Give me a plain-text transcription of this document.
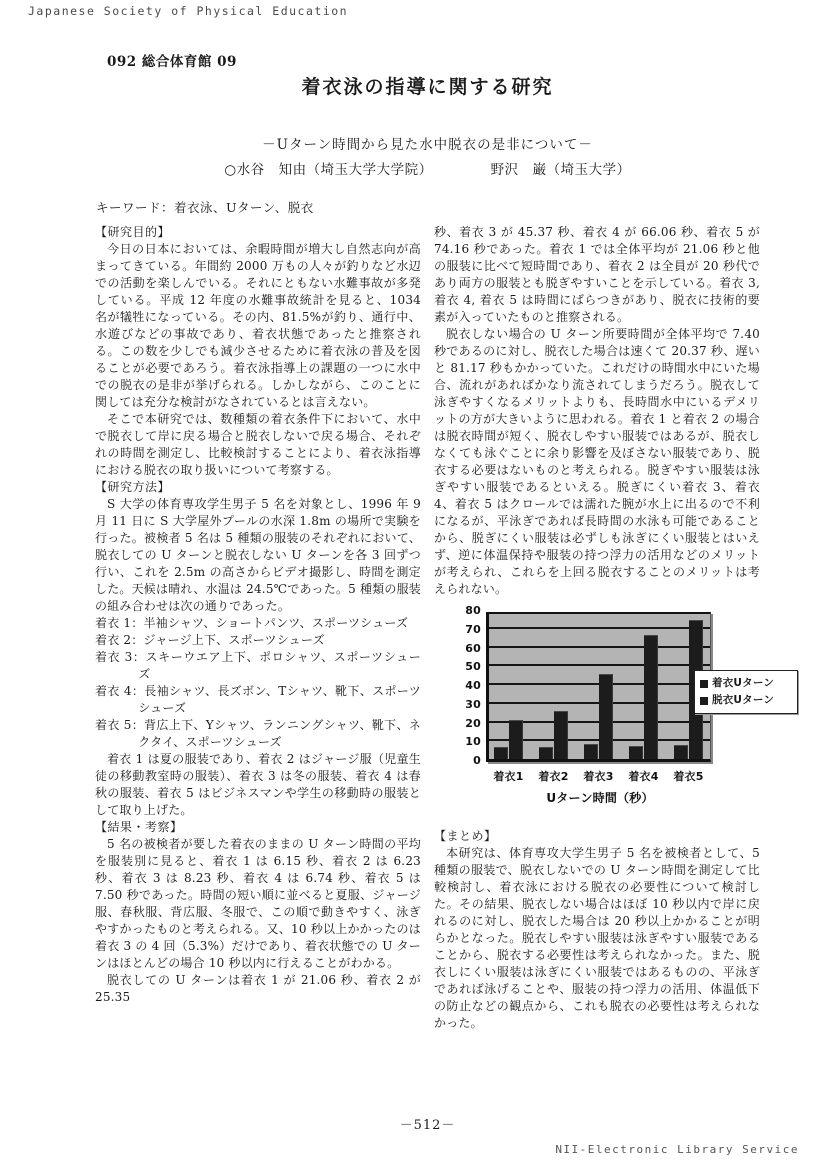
Japanese Society of Physical Education
092 総合体育館 09
着衣泳の指導に関する研究
－Uターン時間から見た水中脱衣の是非について－
○水谷　知由（埼玉大学大学院）	野沢　巌（埼玉大学）
キーワード：着衣泳、Uターン、脱衣
【研究目的】
今日の日本においては、余暇時間が増大し自然志向が高まってきている。年間約 2000 万もの人々が釣りなど水辺での活動を楽しんでいる。それにともない水難事故が多発している。平成 12 年度の水難事故統計を見ると、1034 名が犠牲になっている。その内、81.5%が釣り、通行中、水遊びなどの事故であり、着衣状態であったと推察される。この数を少しでも減少させるために着衣泳の普及を図ることが必要であろう。着衣泳指導上の課題の一つに水中での脱衣の是非が挙げられる。しかしながら、このことに関しては充分な検討がなされているとは言えない。
そこで本研究では、数種類の着衣条件下において、水中で脱衣して岸に戻る場合と脱衣しないで戻る場合、それぞれの時間を測定し、比較検討することにより、着衣泳指導における脱衣の取り扱いについて考察する。
【研究方法】
S 大学の体育専攻学生男子 5 名を対象とし、1996 年 9 月 11 日に S 大学屋外プールの水深 1.8m の場所で実験を行った。被検者 5 名は 5 種類の服装のそれぞれにおいて、脱衣しての U ターンと脱衣しない U ターンを各 3 回ずつ行い、これを 2.5m の高さからビデオ撮影し、時間を測定した。天候は晴れ、水温は 24.5℃であった。5 種類の服装の組み合わせは次の通りであった。
着衣 1：半袖シャツ、ショートパンツ、スポーツシューズ
着衣 2：ジャージ上下、スポーツシューズ
着衣 3：スキーウエア上下、ポロシャツ、スポーツシューズ
着衣 4：長袖シャツ、長ズボン、Tシャツ、靴下、スポーツシューズ
着衣 5：背広上下、Yシャツ、ランニングシャツ、靴下、ネクタイ、スポーツシューズ
着衣 1 は夏の服装であり、着衣 2 はジャージ服（児童生徒の移動教室時の服装）、着衣 3 は冬の服装、着衣 4 は春秋の服装、着衣 5 はビジネスマンや学生の移動時の服装として取り上げた。
【結果・考察】
5 名の被検者が要した着衣のままの U ターン時間の平均を服装別に見ると、着衣 1 は 6.15 秒、着衣 2 は 6.23 秒、着衣 3 は 8.23 秒、着衣 4 は 6.74 秒、着衣 5 は 7.50 秒であった。時間の短い順に並べると夏服、ジャージ服、春秋服、背広服、冬服で、この順で動きやすく、泳ぎやすかったものと考えられる。又、10 秒以上かかったのは着衣 3 の 4 回（5.3%）だけであり、着衣状態での U ターンはほとんどの場合 10 秒以内に行えることがわかる。
脱衣しての U ターンは着衣 1 が 21.06 秒、着衣 2 が 25.35
秒、着衣 3 が 45.37 秒、着衣 4 が 66.06 秒、着衣 5 が 74.16 秒であった。着衣 1 では全体平均が 21.06 秒と他の服装に比べて短時間であり、着衣 2 は全員が 20 秒代であり両方の服装とも脱ぎやすいことを示している。着衣 3, 着衣 4, 着衣 5 は時間にばらつきがあり、脱衣に技術的要素が入っていたものと推察される。
脱衣しない場合の U ターン所要時間が全体平均で 7.40 秒であるのに対し、脱衣した場合は速くて 20.37 秒、遅いと 81.17 秒もかかっていた。これだけの時間水中にいた場合、流れがあればかなり流されてしまうだろう。脱衣して泳ぎやすくなるメリットよりも、長時間水中にいるデメリットの方が大きいように思われる。着衣 1 と着衣 2 の場合は脱衣時間が短く、脱衣しやすい服装ではあるが、脱衣しなくても泳ぐことに余り影響を及ぼさない服装であり、脱衣する必要はないものと考えられる。脱ぎやすい服装は泳ぎやすい服装であるといえる。脱ぎにくい着衣 3、着衣 4、着衣 5 はクロールでは濡れた腕が水上に出るので不利になるが、平泳ぎであれば長時間の水泳も可能であることから、脱ぎにくい服装は必ずしも泳ぎにくい服装とはいえず、逆に体温保持や服装の持つ浮力の活用などのメリットが考えられ、これらを上回る脱衣することのメリットは考えられない。
0
10
20
30
40
50
60
70
80
着衣Uターン
脱衣Uターン
着衣1	着衣2	着衣3	着衣4	着衣5
Uターン時間（秒）
【まとめ】
本研究は、体育専攻大学生男子 5 名を被検者として、5 種類の服装で、脱衣しないでの U ターン時間を測定して比較検討し、着衣泳における脱衣の必要性について検討した。その結果、脱衣しない場合はほぼ 10 秒以内で岸に戻れるのに対し、脱衣した場合は 20 秒以上かかることが明らかとなった。脱衣しやすい服装は泳ぎやすい服装であることから、脱衣する必要性は考えられなかった。また、脱衣しにくい服装は泳ぎにくい服装ではあるものの、平泳ぎであれば泳げることや、服装の持つ浮力の活用、体温低下の防止などの観点から、これも脱衣の必要性は考えられなかった。
－512－
NII-Electronic Library Service
